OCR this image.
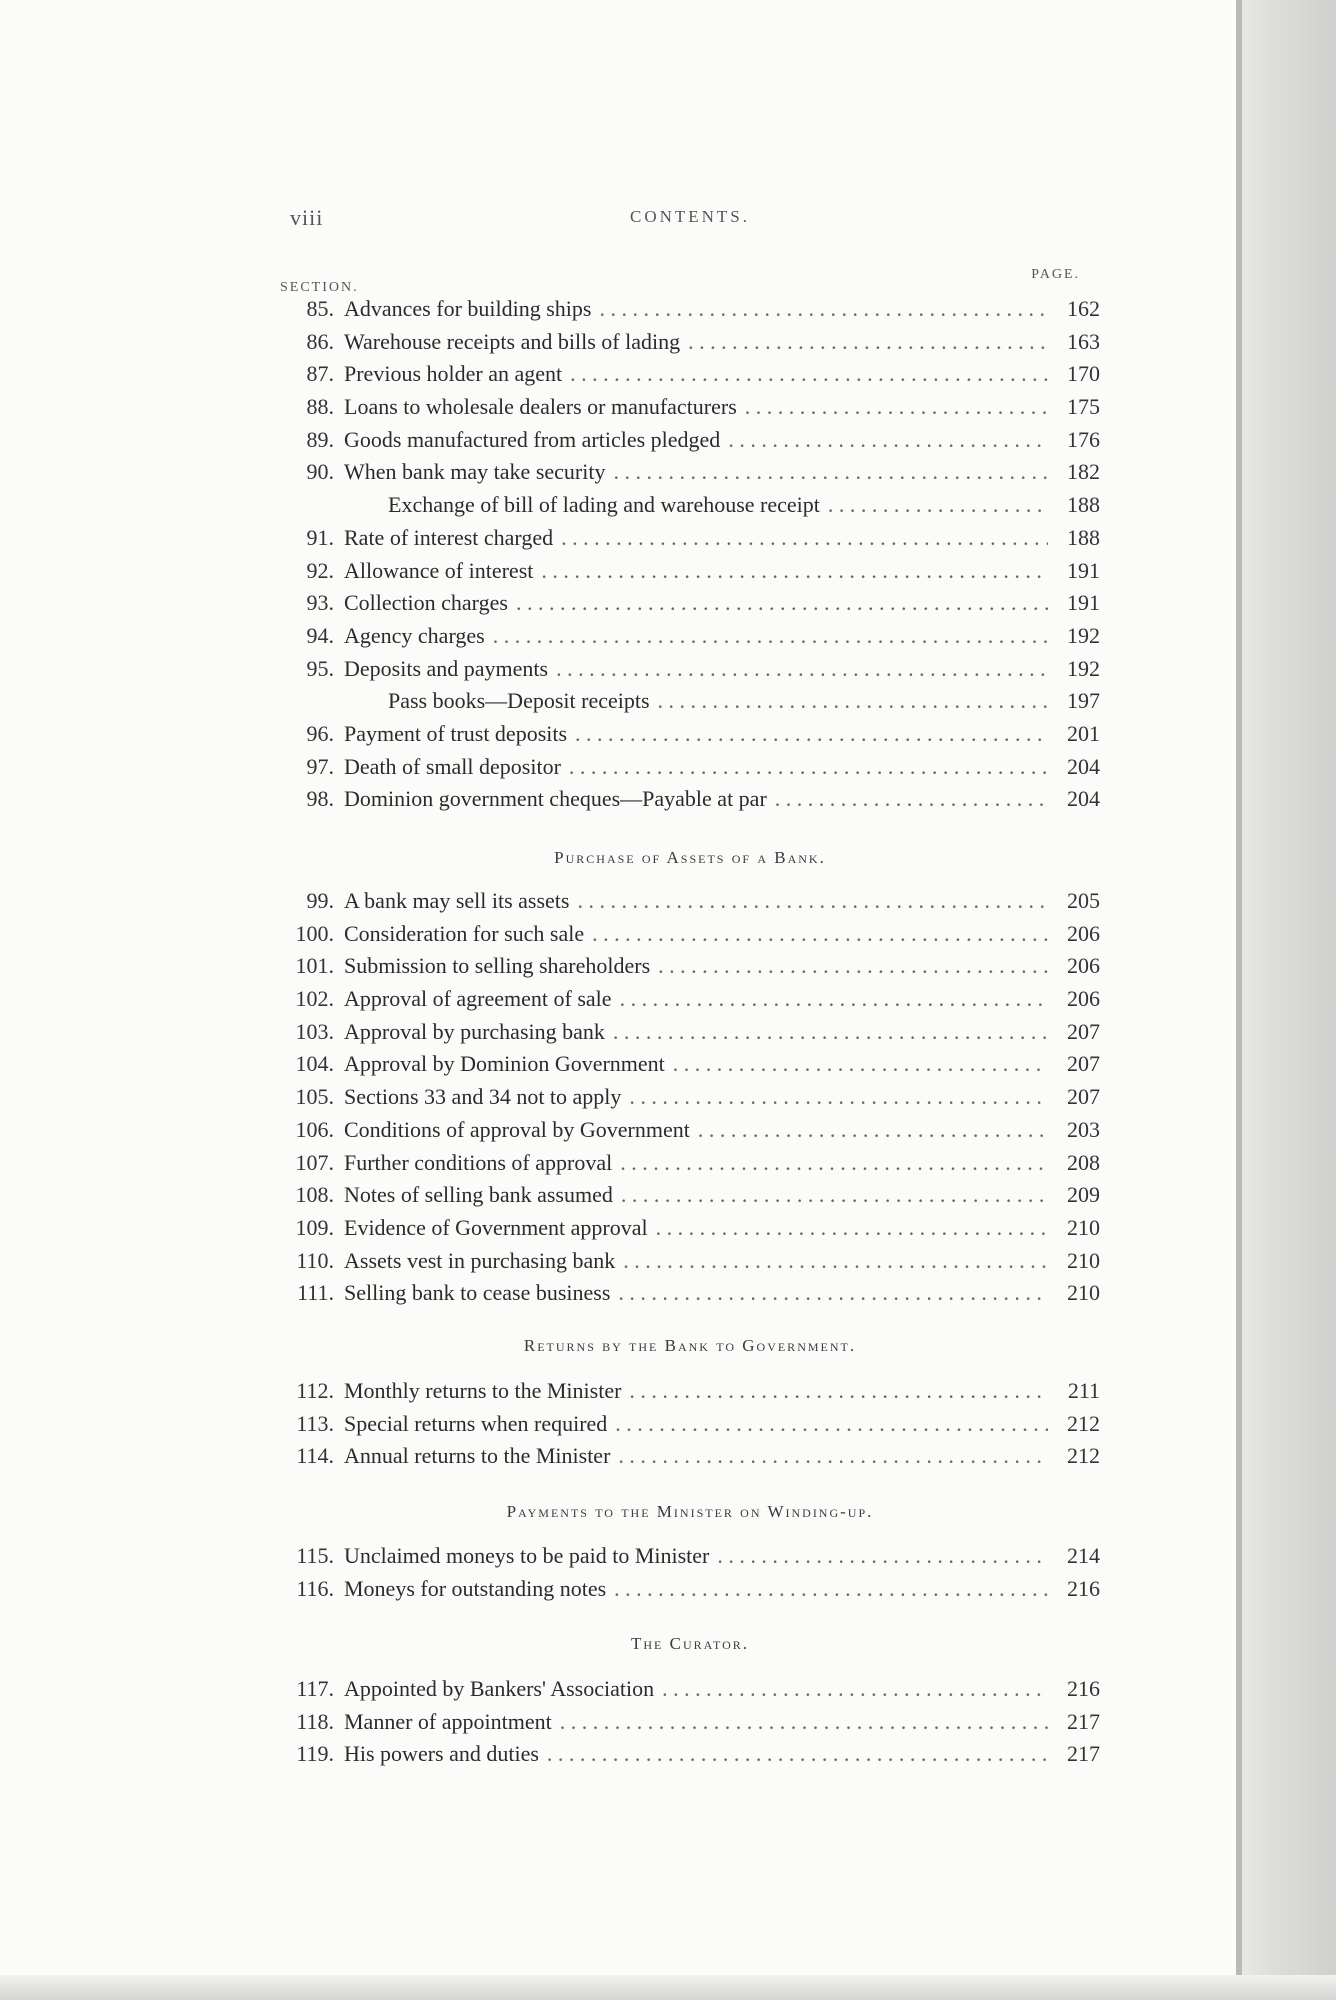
viii	CONTENTS.
SECTION.
PAGE.
85. Advances for building ships . . .	162
86. Warehouse receipts and bills of lading . . .	163
87. Previous holder an agent . . .	170
88. Loans to wholesale dealers or manufacturers . . .	175
89. Goods manufactured from articles pledged . . .	176
90. When bank may take security . . .	182
Exchange of bill of lading and warehouse receipt . . .	188
91. Rate of interest charged . . .	188
92. Allowance of interest . . .	191
93. Collection charges . . .	191
94. Agency charges . . .	192
95. Deposits and payments . . .	192
Pass books—Deposit receipts . . .	197
96. Payment of trust deposits . . .	201
97. Death of small depositor . . .	204
98. Dominion government cheques—Payable at par . . .	204
Purchase of Assets of a Bank.
99. A bank may sell its assets . . .	205
100. Consideration for such sale . . .	206
101. Submission to selling shareholders . . .	206
102. Approval of agreement of sale . . .	206
103. Approval by purchasing bank . . .	207
104. Approval by Dominion Government . . .	207
105. Sections 33 and 34 not to apply . . .	207
106. Conditions of approval by Government . . .	203
107. Further conditions of approval . . .	208
108. Notes of selling bank assumed . . .	209
109. Evidence of Government approval . . .	210
110. Assets vest in purchasing bank . . .	210
111. Selling bank to cease business . . .	210
Returns by the Bank to Government.
112. Monthly returns to the Minister . . .	211
113. Special returns when required . . .	212
114. Annual returns to the Minister . . .	212
Payments to the Minister on Winding-up.
115. Unclaimed moneys to be paid to Minister . . .	214
116. Moneys for outstanding notes . . .	216
The Curator.
117. Appointed by Bankers' Association . . .	216
118. Manner of appointment . . .	217
119. His powers and duties . . .	217
